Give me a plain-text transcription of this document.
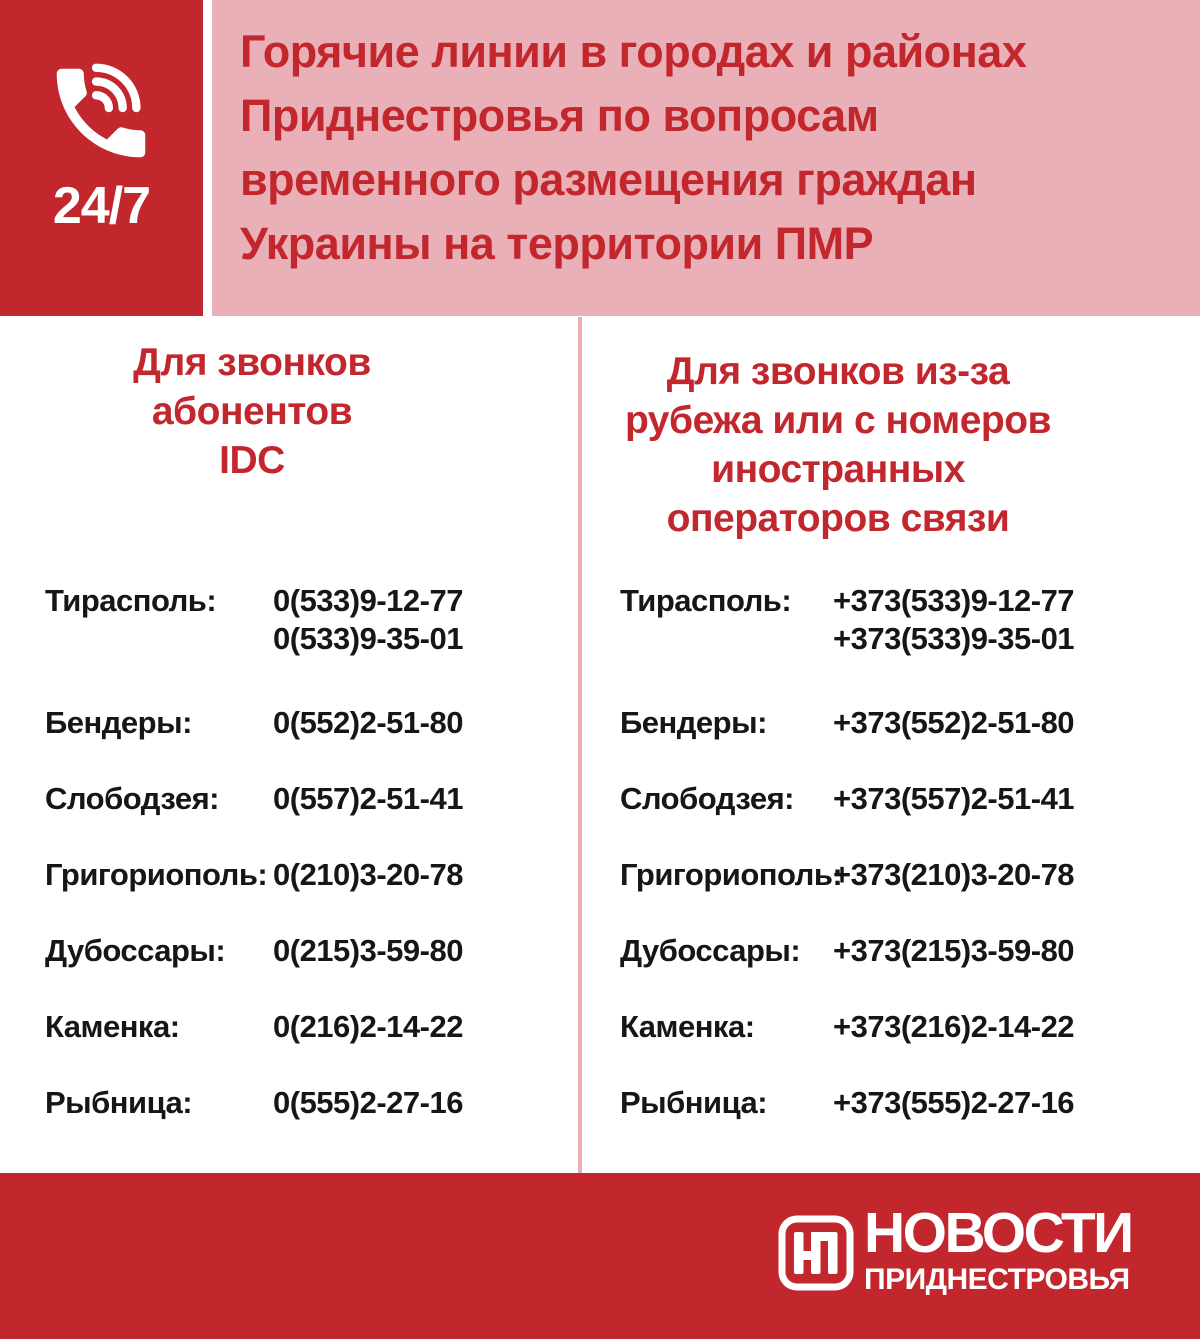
24/7
Горячие линии в городах и районах
Приднестровья по вопросам
временного размещения граждан
Украины на территории ПМР
Для звонков
абонентов
IDC
Для звонков из-за
рубежа или с номеров
иностранных
операторов связи
Тирасполь:	0(533)9-12-77
0(533)9-35-01
Бендеры:	0(552)2-51-80
Слободзея:	0(557)2-51-41
Григориополь: 0(210)3-20-78
Дубоссары:	0(215)3-59-80
Каменка:	0(216)2-14-22
Рыбница:	0(555)2-27-16
Тирасполь:	+373(533)9-12-77
+373(533)9-35-01
Бендеры:	+373(552)2-51-80
Слободзея:	+373(557)2-51-41
Григориополь:
+373(210)3-20-78
Дубоссары:	+373(215)3-59-80
Каменка:	+373(216)2-14-22
Рыбница:	+373(555)2-27-16
НОВОСТИ
ПРИДНЕСТРОВЬЯ
